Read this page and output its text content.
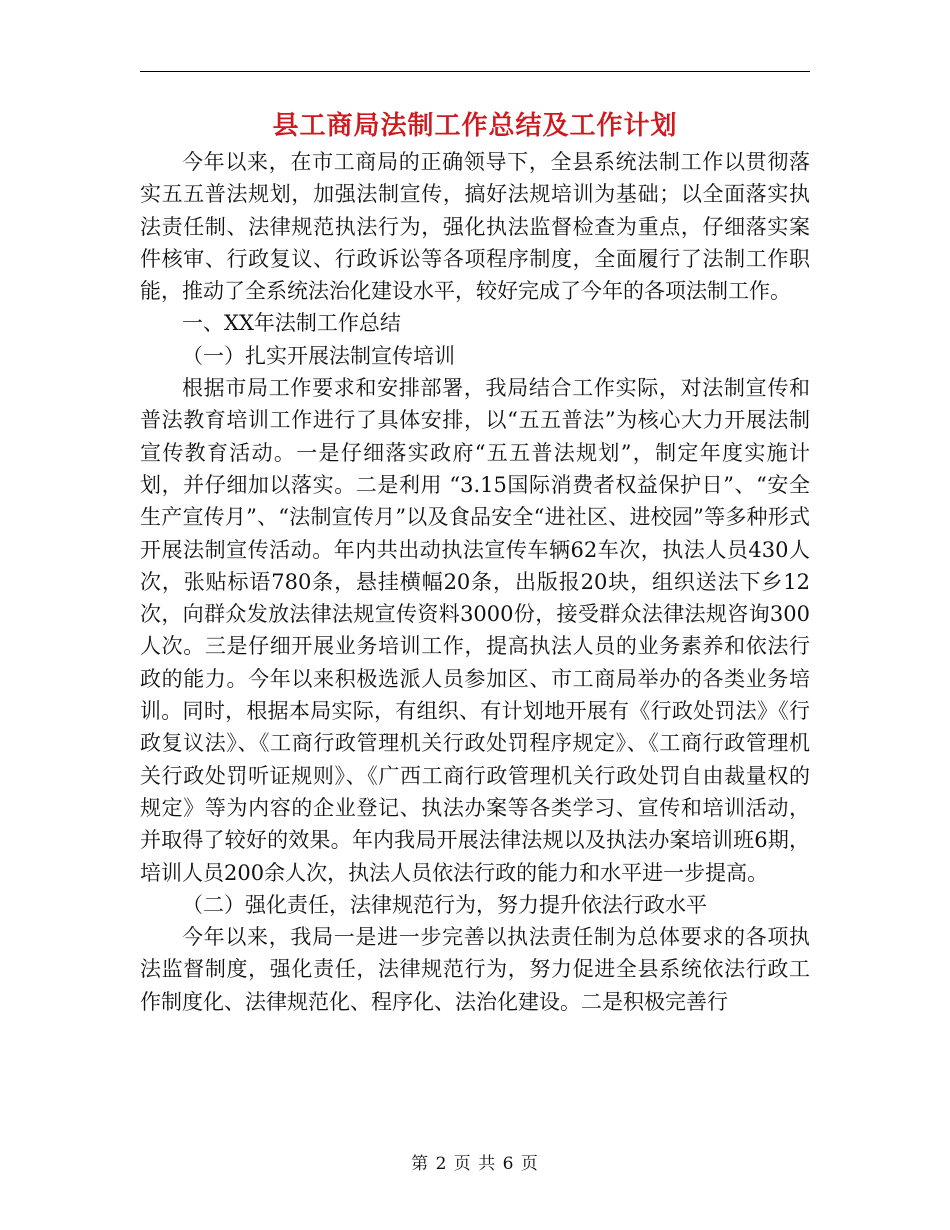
县工商局法制工作总结及工作计划

今年以来，在市工商局的正确领导下，全县系统法制工作以贯彻落实五五普法规划，加强法制宣传，搞好法规培训为基础；以全面落实执法责任制、法律规范执法行为，强化执法监督检查为重点，仔细落实案件核审、行政复议、行政诉讼等各项程序制度，全面履行了法制工作职能，推动了全系统法治化建设水平，较好完成了今年的各项法制工作。

一、XX年法制工作总结

（一）扎实开展法制宣传培训

根据市局工作要求和安排部署，我局结合工作实际，对法制宣传和普法教育培训工作进行了具体安排，以“五五普法”为核心大力开展法制宣传教育活动。一是仔细落实政府“五五普法规划”，制定年度实施计划，并仔细加以落实。二是利用 “3.15国际消费者权益保护日”、“安全生产宣传月”、“法制宣传月”以及食品安全“进社区、进校园”等多种形式开展法制宣传活动。年内共出动执法宣传车辆62车次，执法人员430人次，张贴标语780条，悬挂横幅20条，出版报20块，组织送法下乡12次，向群众发放法律法规宣传资料3000份，接受群众法律法规咨询300人次。三是仔细开展业务培训工作，提高执法人员的业务素养和依法行政的能力。今年以来积极选派人员参加区、市工商局举办的各类业务培训。同时，根据本局实际，有组织、有计划地开展有《行政处罚法》《行政复议法》、《工商行政管理机关行政处罚程序规定》、《工商行政管理机关行政处罚听证规则》、《广西工商行政管理机关行政处罚自由裁量权的规定》等为内容的企业登记、执法办案等各类学习、宣传和培训活动，并取得了较好的效果。年内我局开展法律法规以及执法办案培训班6期，培训人员200余人次，执法人员依法行政的能力和水平进一步提高。

（二）强化责任，法律规范行为，努力提升依法行政水平

今年以来，我局一是进一步完善以执法责任制为总体要求的各项执法监督制度，强化责任，法律规范行为，努力促进全县系统依法行政工作制度化、法律规范化、程序化、法治化建设。二是积极完善行

第 2 页 共 6 页
